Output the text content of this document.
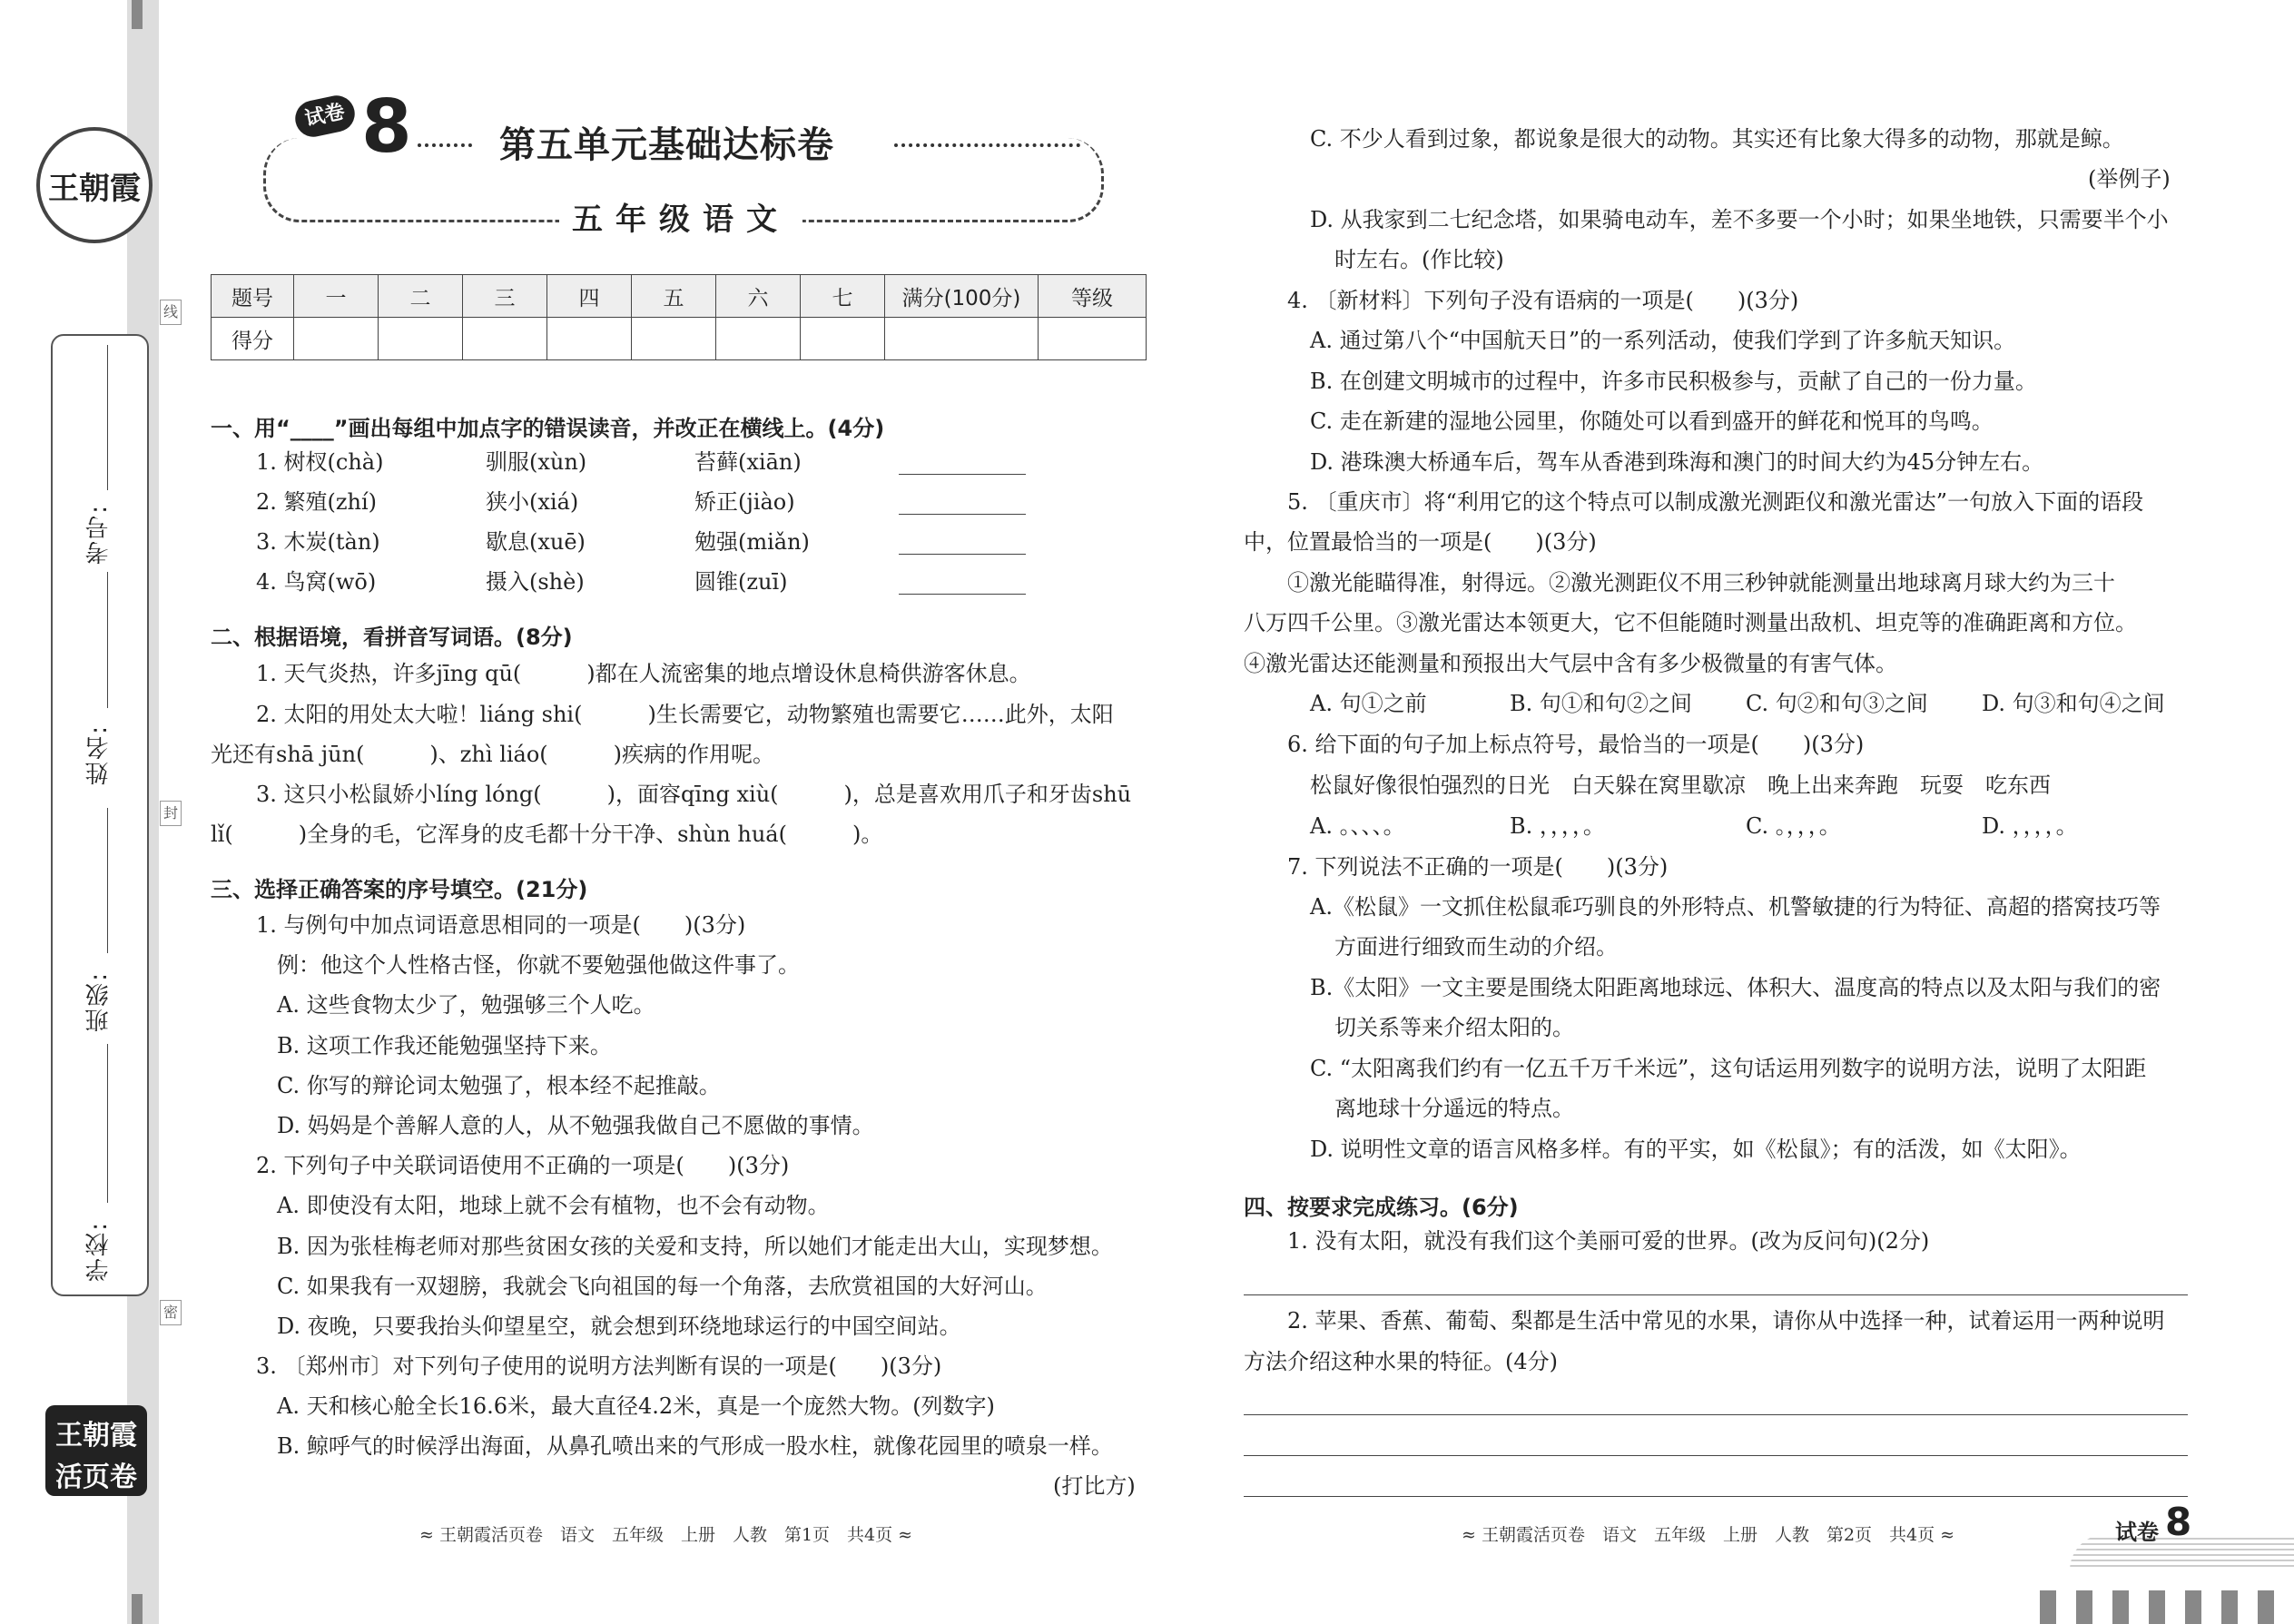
王朝霞
考号:
姓名:
班级:
学校:
线
封
密
王朝霞
活页卷
试卷 8 第五单元基础达标卷
五年级语文
题号	一	二	三	四	五	六	七	满分(100分)	等级
得分									
一、用“____”画出每组中加点字的错误读音，并改正在横线上。(4分)
1. 树杈(chà)	驯服(xùn)	苔藓(xiān)
2. 繁殖(zhí)	狭小(xiá)	矫正(jiào)
3. 木炭(tàn)	歇息(xuē)	勉强(miǎn)
4. 鸟窝(wō)	摄入(shè)	圆锥(zuī)
二、根据语境，看拼音写词语。(8分)
1. 天气炎热，许多jīng qū(　　　)都在人流密集的地点增设休息椅供游客休息。
2. 太阳的用处太大啦！liáng shi(　　　)生长需要它，动物繁殖也需要它……此外，太阳
光还有shā jūn(　　　)、zhì liáo(　　　)疾病的作用呢。
3. 这只小松鼠娇小líng lóng(　　　)，面容qīng xiù(　　　)，总是喜欢用爪子和牙齿shū
lǐ(　　　)全身的毛，它浑身的皮毛都十分干净、shùn huá(　　　)。
三、选择正确答案的序号填空。(21分)
1. 与例句中加点词语意思相同的一项是(　　)(3分)
例：他这个人性格古怪，你就不要勉强他做这件事了。
A. 这些食物太少了，勉强够三个人吃。
B. 这项工作我还能勉强坚持下来。
C. 你写的辩论词太勉强了，根本经不起推敲。
D. 妈妈是个善解人意的人，从不勉强我做自己不愿做的事情。
2. 下列句子中关联词语使用不正确的一项是(　　)(3分)
A. 即使没有太阳，地球上就不会有植物，也不会有动物。
B. 因为张桂梅老师对那些贫困女孩的关爱和支持，所以她们才能走出大山，实现梦想。
C. 如果我有一双翅膀，我就会飞向祖国的每一个角落，去欣赏祖国的大好河山。
D. 夜晚，只要我抬头仰望星空，就会想到环绕地球运行的中国空间站。
3. 〔郑州市〕对下列句子使用的说明方法判断有误的一项是(　　)(3分)
A. 天和核心舱全长16.6米，最大直径4.2米，真是一个庞然大物。(列数字)
B. 鲸呼气的时候浮出海面，从鼻孔喷出来的气形成一股水柱，就像花园里的喷泉一样。
(打比方)
≈ 王朝霞活页卷　语文　五年级　上册　人教　第1页　共4页 ≈
C. 不少人看到过象，都说象是很大的动物。其实还有比象大得多的动物，那就是鲸。
(举例子)
D. 从我家到二七纪念塔，如果骑电动车，差不多要一个小时；如果坐地铁，只需要半个小
时左右。(作比较)
4. 〔新材料〕下列句子没有语病的一项是(　　)(3分)
A. 通过第八个“中国航天日”的一系列活动，使我们学到了许多航天知识。
B. 在创建文明城市的过程中，许多市民积极参与，贡献了自己的一份力量。
C. 走在新建的湿地公园里，你随处可以看到盛开的鲜花和悦耳的鸟鸣。
D. 港珠澳大桥通车后，驾车从香港到珠海和澳门的时间大约为45分钟左右。
5. 〔重庆市〕将“利用它的这个特点可以制成激光测距仪和激光雷达”一句放入下面的语段
中，位置最恰当的一项是(　　)(3分)
①激光能瞄得准，射得远。②激光测距仪不用三秒钟就能测量出地球离月球大约为三十
八万四千公里。③激光雷达本领更大，它不但能随时测量出敌机、坦克等的准确距离和方位。
④激光雷达还能测量和预报出大气层中含有多少极微量的有害气体。
A. 句①之前	B. 句①和句②之间 C. 句②和句③之间 D. 句③和句④之间
6. 给下面的句子加上标点符号，最恰当的一项是(　　)(3分)
松鼠好像很怕强烈的日光　白天躲在窝里歇凉　晚上出来奔跑　玩耍　吃东西
A. 。、、、。	B. ，，，，。	C. 。，，，。	D. ，，，，。
7. 下列说法不正确的一项是(　　)(3分)
A.《松鼠》一文抓住松鼠乖巧驯良的外形特点、机警敏捷的行为特征、高超的搭窝技巧等
方面进行细致而生动的介绍。
B.《太阳》一文主要是围绕太阳距离地球远、体积大、温度高的特点以及太阳与我们的密
切关系等来介绍太阳的。
C. “太阳离我们约有一亿五千万千米远”，这句话运用列数字的说明方法，说明了太阳距
离地球十分遥远的特点。
D. 说明性文章的语言风格多样。有的平实，如《松鼠》；有的活泼，如《太阳》。
四、按要求完成练习。(6分)
1. 没有太阳，就没有我们这个美丽可爱的世界。(改为反问句)(2分)
2. 苹果、香蕉、葡萄、梨都是生活中常见的水果，请你从中选择一种，试着运用一两种说明
方法介绍这种水果的特征。(4分)
≈ 王朝霞活页卷　语文　五年级　上册　人教　第2页　共4页 ≈	试卷 8
